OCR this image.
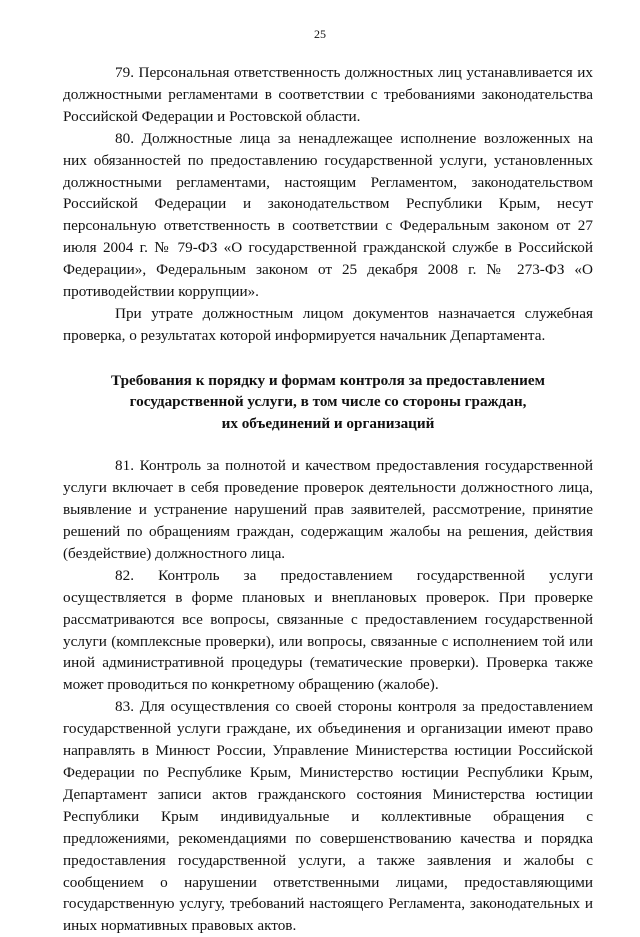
25

79. Персональная ответственность должностных лиц устанавливается их должностными регламентами в соответствии с требованиями законодательства Российской Федерации и Ростовской области.

80. Должностные лица за ненадлежащее исполнение возложенных на них обязанностей по предоставлению государственной услуги, установленных должностными регламентами, настоящим Регламентом, законодательством Российской Федерации и законодательством Республики Крым, несут персональную ответственность в соответствии с Федеральным законом от 27 июля 2004 г. № 79-ФЗ «О государственной гражданской службе в Российской Федерации», Федеральным законом от 25 декабря 2008 г. № 273-ФЗ «О противодействии коррупции».

При утрате должностным лицом документов назначается служебная проверка, о результатах которой информируется начальник Департамента.

Требования к порядку и формам контроля за предоставлением
государственной услуги, в том числе со стороны граждан,
их объединений и организаций

81. Контроль за полнотой и качеством предоставления государственной услуги включает в себя проведение проверок деятельности должностного лица, выявление и устранение нарушений прав заявителей, рассмотрение, принятие решений по обращениям граждан, содержащим жалобы на решения, действия (бездействие) должностного лица.

82. Контроль за предоставлением государственной услуги осуществляется в форме плановых и внеплановых проверок. При проверке рассматриваются все вопросы, связанные с предоставлением государственной услуги (комплексные проверки), или вопросы, связанные с исполнением той или иной административной процедуры (тематические проверки). Проверка также может проводиться по конкретному обращению (жалобе).

83. Для осуществления со своей стороны контроля за предоставлением государственной услуги граждане, их объединения и организации имеют право направлять в Минюст России, Управление Министерства юстиции Российской Федерации по Республике Крым, Министерство юстиции Республики Крым, Департамент записи актов гражданского состояния Министерства юстиции Республики Крым индивидуальные и коллективные обращения с предложениями, рекомендациями по совершенствованию качества и порядка предоставления государственной услуги, а также заявления и жалобы с сообщением о нарушении ответственными лицами, предоставляющими государственную услугу, требований настоящего Регламента, законодательных и иных нормативных правовых актов.
